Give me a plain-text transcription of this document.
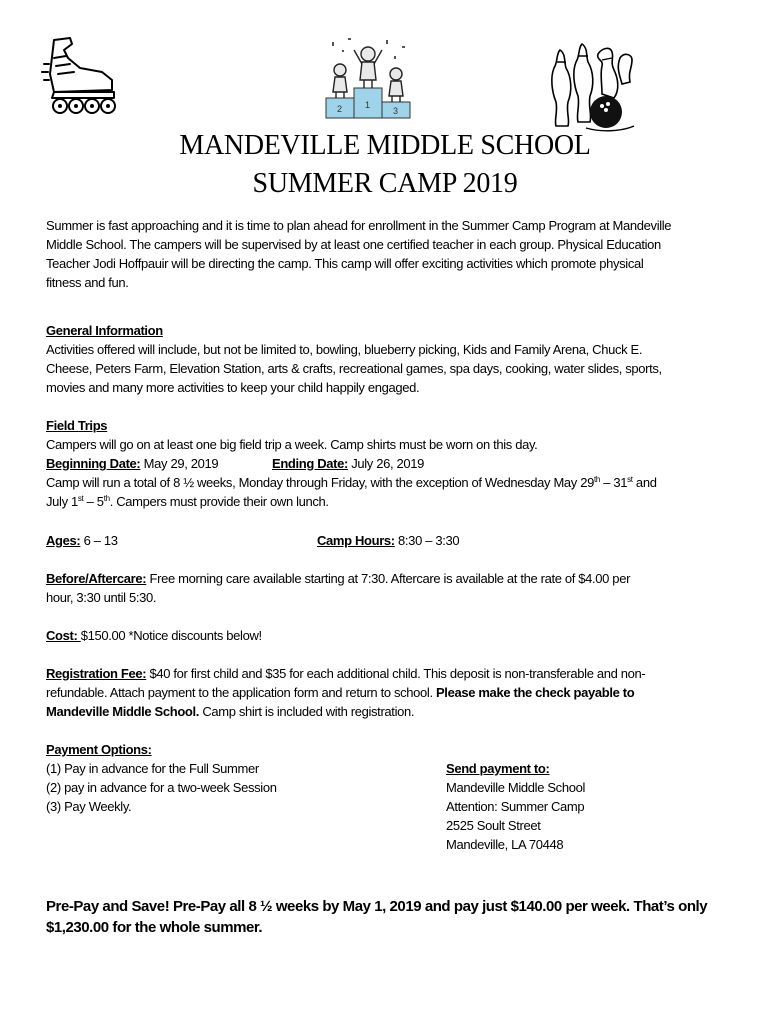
1
2	3
MANDEVILLE MIDDLE SCHOOL
SUMMER CAMP 2019
Summer is fast approaching and it is time to plan ahead for enrollment in the Summer Camp Program at Mandeville
Middle School. The campers will be supervised by at least one certified teacher in each group. Physical Education
Teacher Jodi Hoffpauir will be directing the camp. This camp will offer exciting activities which promote physical
fitness and fun.
General Information
Activities offered will include, but not be limited to, bowling, blueberry picking, Kids and Family Arena, Chuck E.
Cheese, Peters Farm, Elevation Station, arts & crafts, recreational games, spa days, cooking, water slides, sports,
movies and many more activities to keep your child happily engaged.
Field Trips
Campers will go on at least one big field trip a week. Camp shirts must be worn on this day.
Beginning Date: May 29, 2019	Ending Date: July 26, 2019
Camp will run a total of 8 ½ weeks, Monday through Friday, with the exception of Wednesday May 29th – 31st and
July 1st – 5th. Campers must provide their own lunch.
Ages: 6 – 13	Camp Hours: 8:30 – 3:30
Before/Aftercare: Free morning care available starting at 7:30. Aftercare is available at the rate of $4.00 per
hour, 3:30 until 5:30.
Cost: $150.00 *Notice discounts below!
Registration Fee: $40 for first child and $35 for each additional child. This deposit is non-transferable and non-
refundable. Attach payment to the application form and return to school. Please make the check payable to
Mandeville Middle School. Camp shirt is included with registration.
Payment Options:
(1) Pay in advance for the Full Summer
(2) pay in advance for a two-week Session
(3) Pay Weekly.
Send payment to:
Mandeville Middle School
Attention: Summer Camp
2525 Soult Street
Mandeville, LA 70448
Pre-Pay and Save! Pre-Pay all 8 ½ weeks by May 1, 2019 and pay just $140.00 per week. That’s only
$1,230.00 for the whole summer.
